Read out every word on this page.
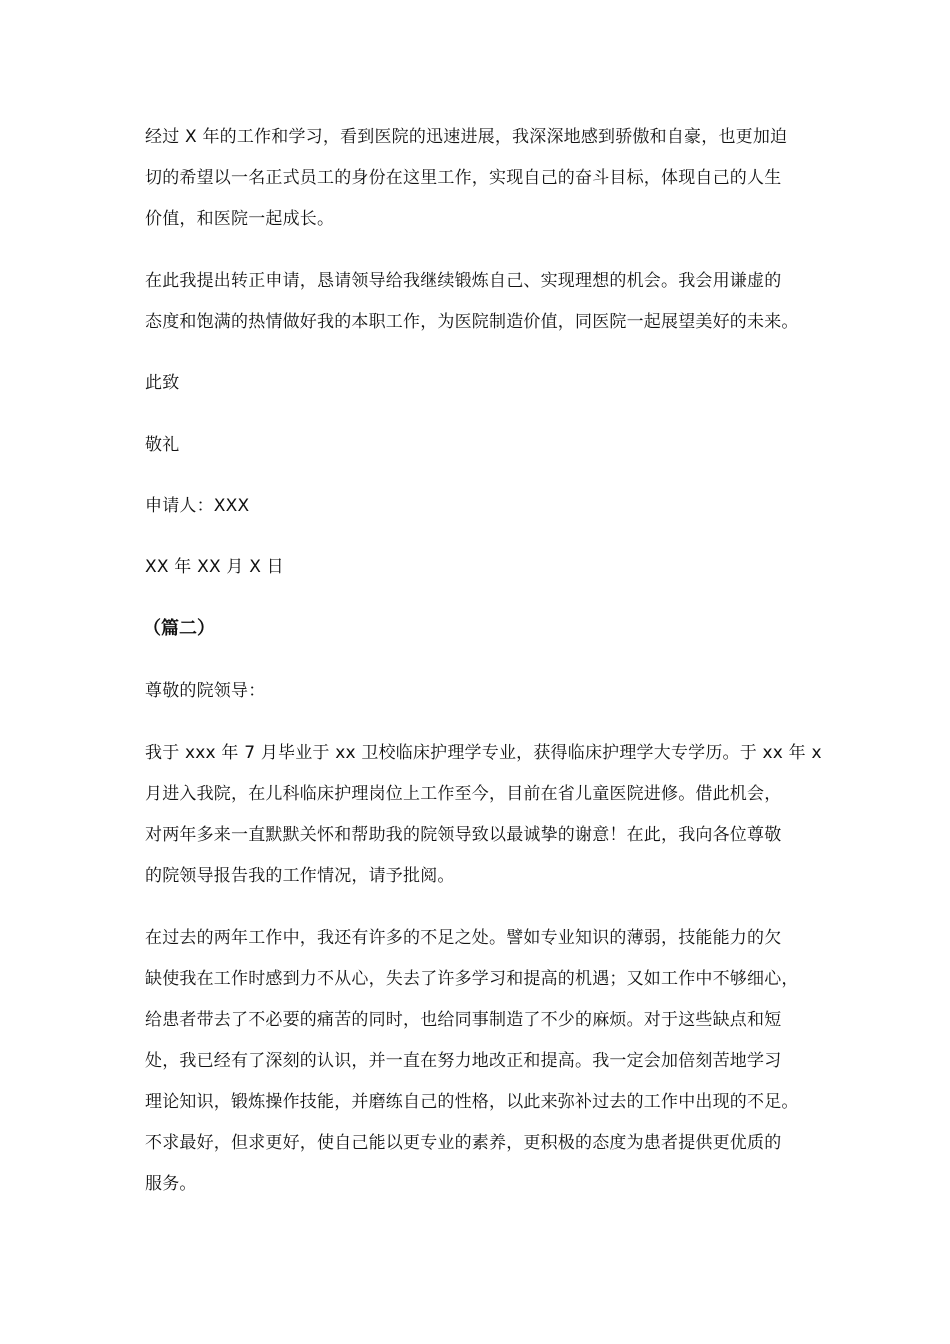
经过 X 年的工作和学习，看到医院的迅速进展，我深深地感到骄傲和自豪，也更加迫
切的希望以一名正式员工的身份在这里工作，实现自己的奋斗目标，体现自己的人生
价值，和医院一起成长。
在此我提出转正申请，恳请领导给我继续锻炼自己、实现理想的机会。我会用谦虚的
态度和饱满的热情做好我的本职工作，为医院制造价值，同医院一起展望美好的未来。
此致
敬礼
申请人：XXX
XX 年 XX 月 X 日
（篇二）
尊敬的院领导：
我于 xxx 年 7 月毕业于 xx 卫校临床护理学专业，获得临床护理学大专学历。于 xx 年 x
月进入我院，在儿科临床护理岗位上工作至今，目前在省儿童医院进修。借此机会，
对两年多来一直默默关怀和帮助我的院领导致以最诚挚的谢意！在此，我向各位尊敬
的院领导报告我的工作情况，请予批阅。
在过去的两年工作中，我还有许多的不足之处。譬如专业知识的薄弱，技能能力的欠
缺使我在工作时感到力不从心，失去了许多学习和提高的机遇；又如工作中不够细心，
给患者带去了不必要的痛苦的同时，也给同事制造了不少的麻烦。对于这些缺点和短
处，我已经有了深刻的认识，并一直在努力地改正和提高。我一定会加倍刻苦地学习
理论知识，锻炼操作技能，并磨练自己的性格，以此来弥补过去的工作中出现的不足。
不求最好，但求更好，使自己能以更专业的素养，更积极的态度为患者提供更优质的
服务。
